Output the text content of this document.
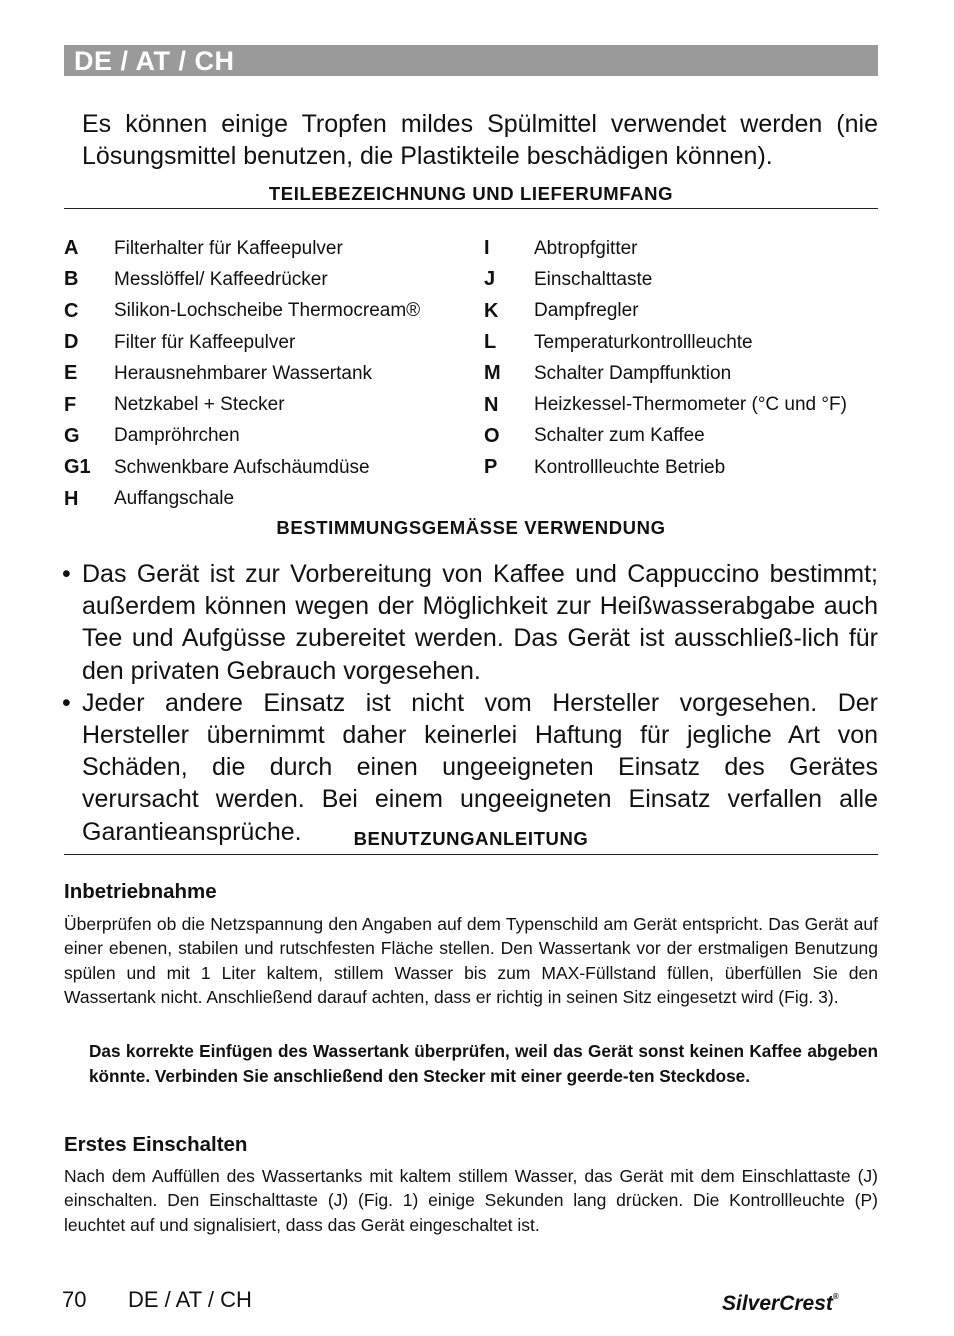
DE / AT / CH
Es können einige Tropfen mildes Spülmittel verwendet werden (nie Lösungsmittel benutzen, die Plastikteile beschädigen können).
TEILEBEZEICHNUNG UND LIEFERUMFANG
A	Filterhalter für Kaffeepulver
B	Messlöffel/ Kaffeedrücker
C	Silikon-Lochscheibe Thermocream®
D	Filter für Kaffeepulver
E	Herausnehmbarer Wassertank
F	Netzkabel + Stecker
G	Dampröhrchen
G1	Schwenkbare Aufschäumdüse
H	Auffangschale
I	Abtropfgitter
J	Einschalttaste
K	Dampfregler
L	Temperaturkontrollleuchte
M	Schalter Dampffunktion
N	Heizkessel-Thermometer (°C und °F)
O	Schalter zum Kaffee
P	Kontrollleuchte Betrieb
BESTIMMUNGSGEMÄSSE VERWENDUNG
• Das Gerät ist zur Vorbereitung von Kaffee und Cappuccino bestimmt; außerdem können wegen der Möglichkeit zur Heißwasserabgabe auch Tee und Aufgüsse zubereitet werden. Das Gerät ist ausschließ-lich für den privaten Gebrauch vorgesehen.
• Jeder andere Einsatz ist nicht vom Hersteller vorgesehen. Der Hersteller übernimmt daher keinerlei Haftung für jegliche Art von Schäden, die durch einen ungeeigneten Einsatz des Gerätes verursacht werden. Bei einem ungeeigneten Einsatz verfallen alle Garantieansprüche.	BENUTZUNGANLEITUNG
Inbetriebnahme
Überprüfen ob die Netzspannung den Angaben auf dem Typenschild am Gerät entspricht. Das Gerät auf einer ebenen, stabilen und rutschfesten Fläche stellen. Den Wassertank vor der erstmaligen Benutzung spülen und mit 1 Liter kaltem, stillem Wasser bis zum MAX-Füllstand füllen, überfüllen Sie den Wassertank nicht. Anschließend darauf achten, dass er richtig in seinen Sitz eingesetzt wird (Fig. 3).
Das korrekte Einfügen des Wassertank überprüfen, weil das Gerät sonst keinen Kaffee abgeben könnte. Verbinden Sie anschließend den Stecker mit einer geerde-ten Steckdose.
Erstes Einschalten
Nach dem Auffüllen des Wassertanks mit kaltem stillem Wasser, das Gerät mit dem Einschlattaste (J) einschalten. Den Einschalttaste (J) (Fig. 1) einige Sekunden lang drücken. Die Kontrollleuchte (P) leuchtet auf und signalisiert, dass das Gerät eingeschaltet ist.
70 DE / AT / CH	SilverCrest®
